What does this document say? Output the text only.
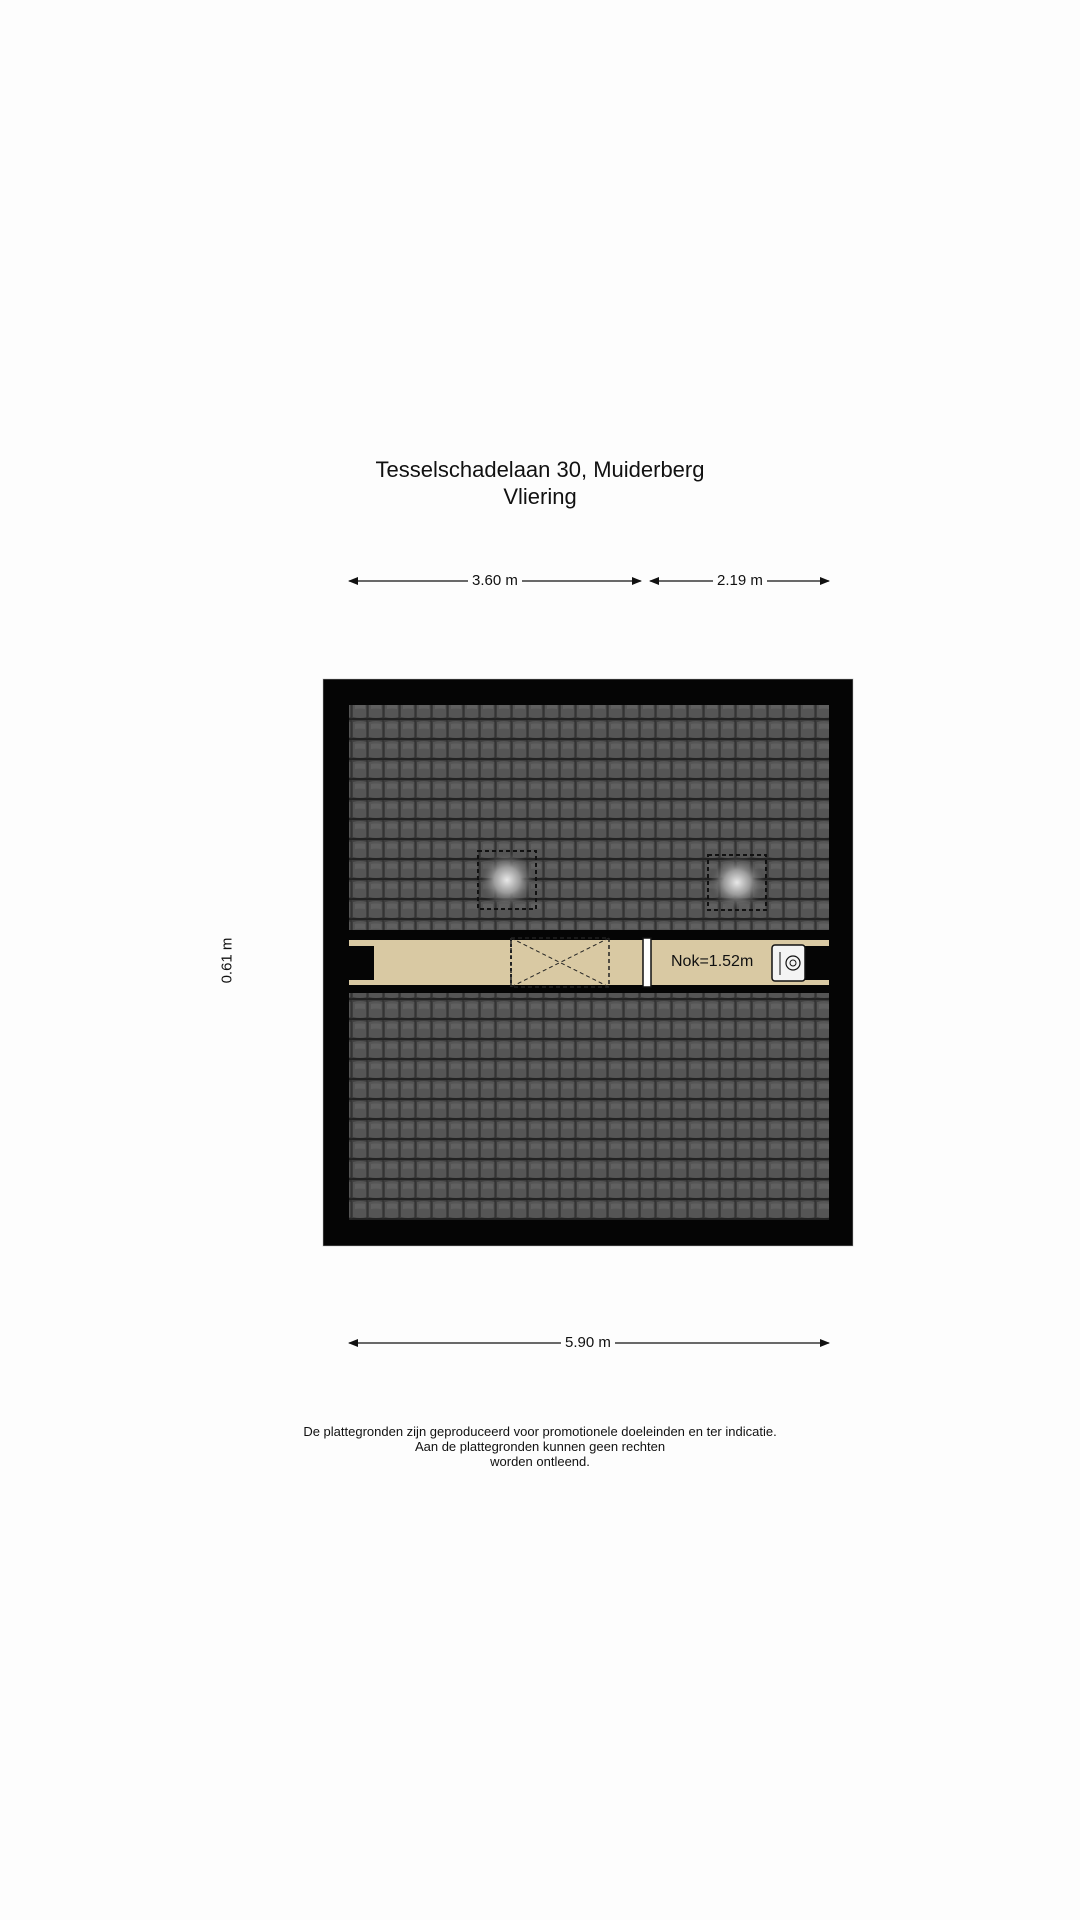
Tesselschadelaan 30, Muiderberg
Vliering
3.60 m	2.19 m
5.90 m
0.61 m	Nok=1.52m
De plattegronden zijn geproduceerd voor promotionele doeleinden en ter indicatie.
Aan de plattegronden kunnen geen rechten
worden ontleend.
